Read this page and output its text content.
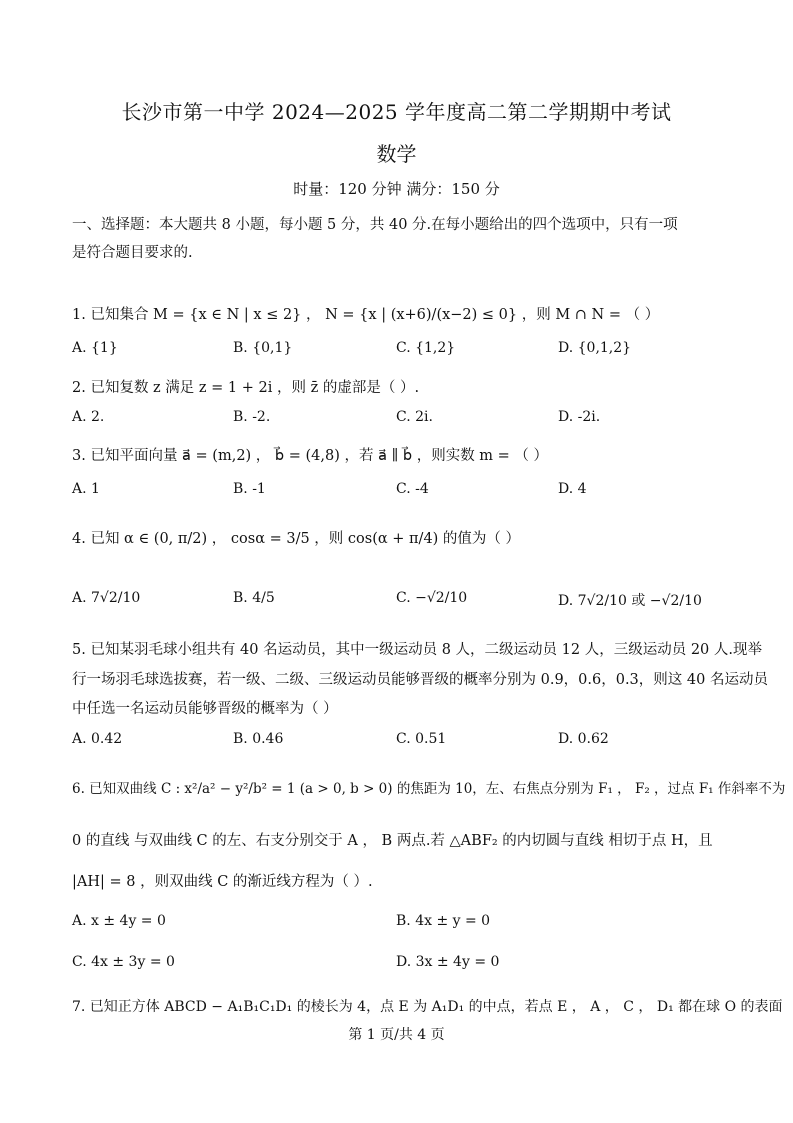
长沙市第一中学 2024—2025 学年度高二第二学期期中考试
数学
时量：120 分钟 满分：150 分
一、选择题：本大题共 8 小题，每小题 5 分，共 40 分.在每小题给出的四个选项中，只有一项
是符合题目要求的.
1. 已知集合 M = {x ∈ N | x ≤ 2} ， N = {x | (x+6)/(x−2) ≤ 0} ，则 M ∩ N = （ ）
A. {1}	B. {0,1}	C. {1,2}	D. {0,1,2}
2. 已知复数 z 满足 z = 1 + 2i ，则 z̄ 的虚部是（ ）.
A. 2.	B. -2.	C. 2i.	D. -2i.
3. 已知平面向量 a⃗ = (m,2) ， b⃗ = (4,8) ，若 a⃗ ∥ b⃗ ，则实数 m = （ ）
A. 1	B. -1	C. -4	D. 4
4. 已知 α ∈ (0, π/2) ， cosα = 3/5 ，则 cos(α + π/4) 的值为（ ）
A. 7√2/10	B. 4/5	C. −√2/10	D. 7√2/10 或 −√2/10
5. 已知某羽毛球小组共有 40 名运动员，其中一级运动员 8 人，二级运动员 12 人，三级运动员 20 人.现举
行一场羽毛球选拔赛，若一级、二级、三级运动员能够晋级的概率分别为 0.9，0.6，0.3，则这 40 名运动员
中任选一名运动员能够晋级的概率为（ ）
A. 0.42	B. 0.46	C. 0.51	D. 0.62
6. 已知双曲线 C : x²/a² − y²/b² = 1 (a > 0, b > 0) 的焦距为 10，左、右焦点分别为 F₁ ， F₂ ，过点 F₁ 作斜率不为
0 的直线 与双曲线 C 的左、右支分别交于 A ， B 两点.若 △ABF₂ 的内切圆与直线 相切于点 H，且
|AH| = 8 ，则双曲线 C 的渐近线方程为（ ）.
A. x ± 4y = 0	B. 4x ± y = 0
C. 4x ± 3y = 0	D. 3x ± 4y = 0
7. 已知正方体 ABCD − A₁B₁C₁D₁ 的棱长为 4，点 E 为 A₁D₁ 的中点，若点 E ， A ， C ， D₁ 都在球 O 的表面
第 1 页/共 4 页
